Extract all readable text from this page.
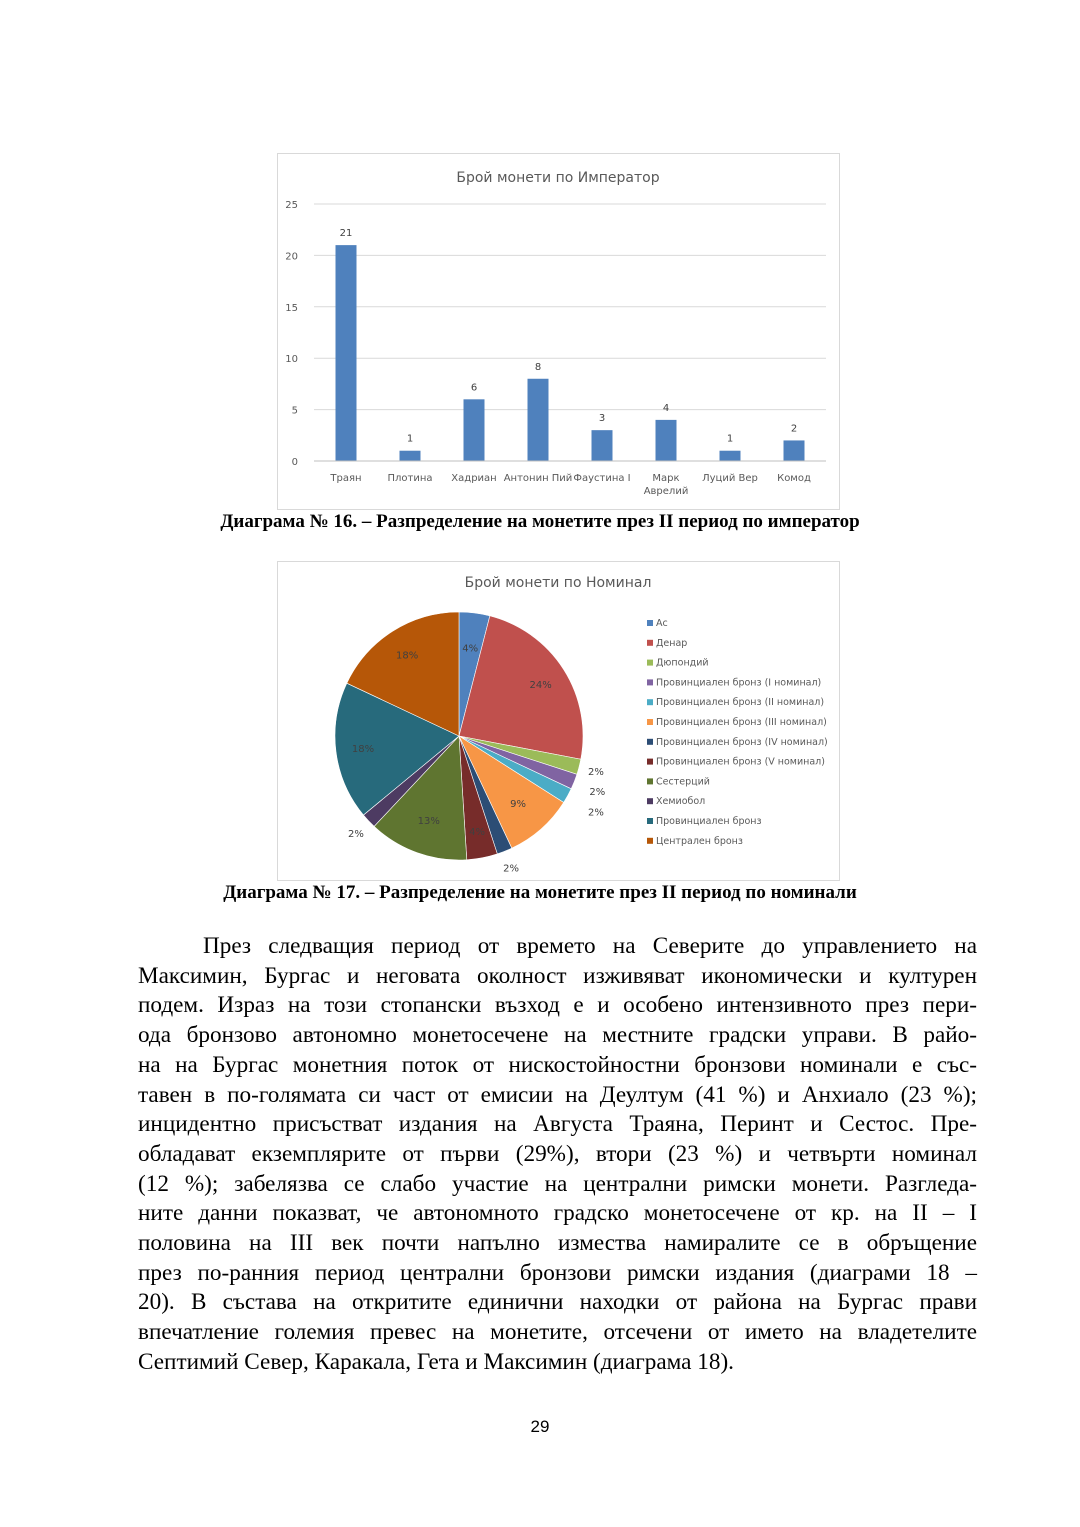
Брой монети по Император
0
5
10
15
20
25
21
1
6
8
3
4
1
2
Траян	Плотина Хадриан Антонин Пий Фаустина I	Марк Аврелий
Луций Вер Комод
Диаграма № 16. – Разпределение на монетите през II период по император
Брой монети по Номинал
4%
24%
2%
2%
2%
9%
2%
4%
13%
2%
18%
18%
Ас
Денар
Дюпондий
Провинциален бронз (I номинал)
Провинциален бронз (II номинал)
Провинциален бронз (III номинал)
Провинциален бронз (IV номинал)
Провинциален бронз (V номинал)
Сестерций
Хемиобол
Провинциален бронз
Централен бронз
Диаграма № 17. – Разпределение на монетите през II период по номинали
През следващия период от времето на Северите до управлението на
Максимин, Бургас и неговата околност изживяват икономически и културен
подем. Израз на този стопански възход е и особено интензивното през пери-
ода бронзово автономно монетосечене на местните градски управи. В райо-
на на Бургас монетния поток от нискостойностни бронзови номинали е със-
тавен в по-голямата си част от емисии на Деултум (41 %) и Анхиало (23 %);
инцидентно присъстват издания на Августа Траяна, Перинт и Сестос. Пре-
обладават екземплярите от първи (29%), втори (23 %) и четвърти номинал
(12 %); забелязва се слабо участие на централни римски монети. Разгледа-
ните данни показват, че автономното градско монетосечене от кр. на II – I
половина на III век почти напълно измества намиралите се в обръщение
през по-ранния период централни бронзови римски издания (диаграми 18 –
20). В състава на откритите единични находки от района на Бургас прави
впечатление големия превес на монетите, отсечени от името на владетелите
Септимий Север, Каракала, Гета и Максимин (диаграма 18).
29
